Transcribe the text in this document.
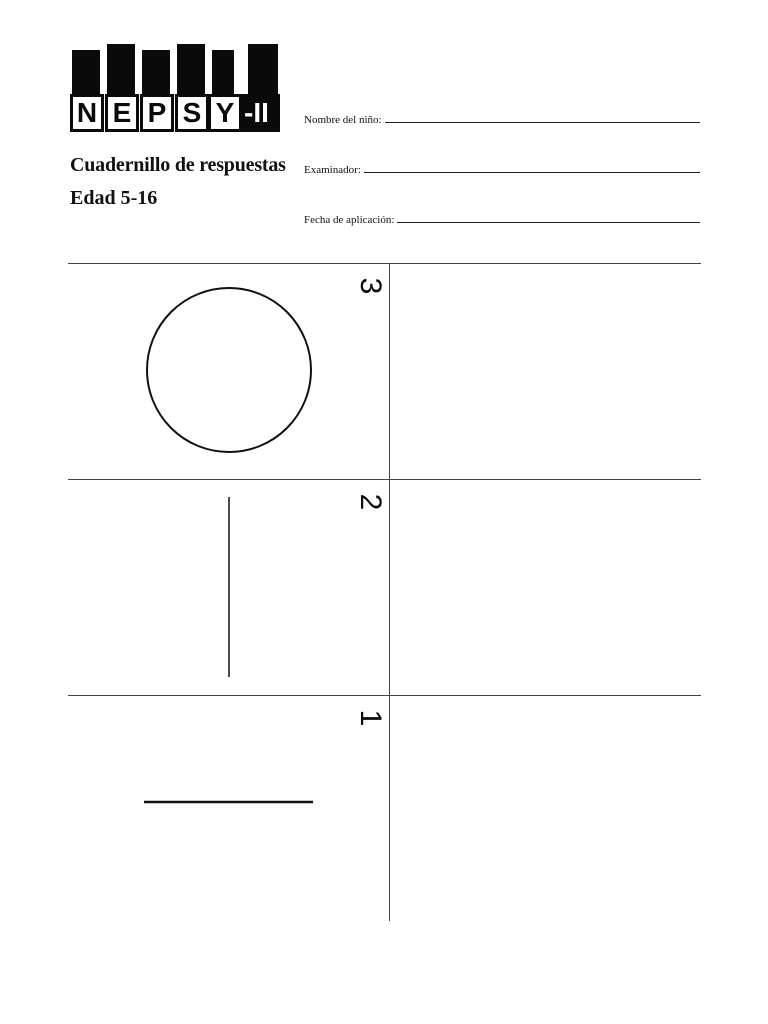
N E P S Y -II
Cuadernillo de respuestas
Edad 5-16
Nombre del niño:
Examinador:
Fecha de aplicación:
3
2
1
